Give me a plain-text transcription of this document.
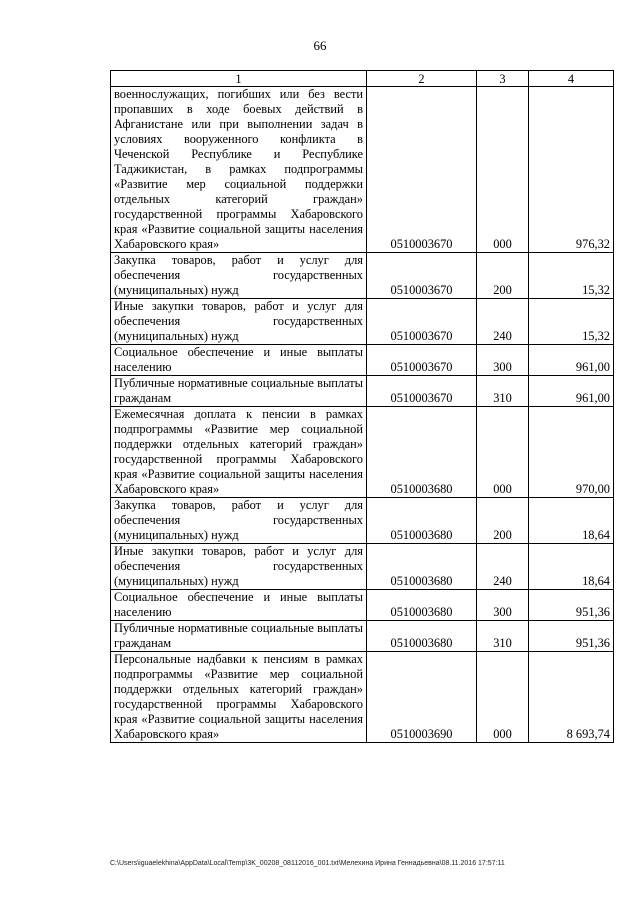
66
1	2	3	4
военнослужащих, погибших или без вести пропавших в ходе боевых действий в Афганистане или при выполнении задач в условиях вооруженного конфликта в Чеченской Республике и Республике Таджикистан, в рамках подпрограммы «Развитие мер социальной поддержки отдельных категорий граждан» государственной программы Хабаровского края «Развитие социальной защиты населения Хабаровского края»	0510003670	000	976,32
Закупка товаров, работ и услуг для обеспечения государственных (муниципальных) нужд	0510003670	200	15,32
Иные закупки товаров, работ и услуг для обеспечения государственных (муниципальных) нужд	0510003670	240	15,32
Социальное обеспечение и иные выплаты населению	0510003670	300	961,00
Публичные нормативные социальные выплаты гражданам	0510003670	310	961,00
Ежемесячная доплата к пенсии в рамках подпрограммы «Развитие мер социальной поддержки отдельных категорий граждан» государственной программы Хабаровского края «Развитие социальной защиты населения Хабаровского края»	0510003680	000	970,00
Закупка товаров, работ и услуг для обеспечения государственных (муниципальных) нужд	0510003680	200	18,64
Иные закупки товаров, работ и услуг для обеспечения государственных (муниципальных) нужд	0510003680	240	18,64
Социальное обеспечение и иные выплаты населению	0510003680	300	951,36
Публичные нормативные социальные выплаты гражданам	0510003680	310	951,36
Персональные надбавки к пенсиям в рамках подпрограммы «Развитие мер социальной поддержки отдельных категорий граждан» государственной программы Хабаровского края «Развитие социальной защиты населения Хабаровского края»	0510003690	000	8 693,74
C:\Users\iguaelekhina\AppData\Local\Temp\3K_00208_08112016_001.txt\Мелехина Ирина Геннадьевна\08.11.2016 17:57:11
